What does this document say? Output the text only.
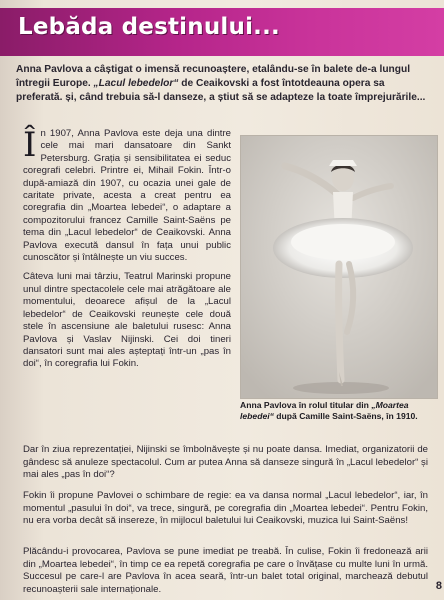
Lebăda destinului...
Anna Pavlova a câștigat o imensă recunoaștere, etalându-se în balete de-a lungul întregii Europe. „Lacul lebedelor“ de Ceaikovski a fost întotdeauna opera sa preferată. și, când trebuia să-l danseze, a știut să se adapteze la toate împrejurările...

În 1907, Anna Pavlova este deja una dintre cele mai mari dansatoare din Sankt Petersburg. Grația și sensibilitatea ei seduc coregrafi celebri. Printre ei, Mihail Fokin. Într-o după-amiază din 1907, cu ocazia unei gale de caritate private, acesta a creat pentru ea coregrafia din „Moartea lebedei“, o adaptare a compozitorului francez Camille Saint-Saëns pe tema din „Lacul lebedelor“ de Ceaikovski. Anna Pavlova execută dansul în fața unui public cunoscător și întâlnește un viu succes.

Câteva luni mai târziu, Teatrul Marinski propune unul dintre spectacolele cele mai atrăgătoare ale momentului, deoarece afișul de la „Lacul lebedelor“ de Ceaikovski reunește cele două stele în ascensiune ale baletului rusesc: Anna Pavlova și Vaslav Nijinski. Cei doi tineri dansatori sunt mai ales așteptați într-un „pas în doi“, în coregrafia lui Fokin.

Anna Pavlova în rolul titular din „Moartea lebedei“ după Camille Saint-Saëns, în 1910.

Dar în ziua reprezentației, Nijinski se îmbolnăvește și nu poate dansa. Imediat, organizatorii de gândesc să anuleze spectacolul. Cum ar putea Anna să danseze singură în „Lacul lebedelor“ și mai ales „pas în doi“?

Fokin îi propune Pavlovei o schimbare de regie: ea va dansa normal „Lacul lebedelor“, iar, în momentul „pasului în doi“, va trece, singură, pe coregrafia din „Moartea lebedei“. Pentru Fokin, nu era vorba decât să insereze, în mijlocul baletului lui Ceaikovski, muzica lui Saint-Saëns!

Plăcându-i provocarea, Pavlova se pune imediat pe treabă. În culise, Fokin îi fredonează arii din „Moartea lebedei“, în timp ce ea repetă coregrafia pe care o învățase cu multe luni în urmă. Succesul pe care-l are Pavlova în acea seară, într-un balet total original, marchează debutul recunoașterii sale internaționale.	8
